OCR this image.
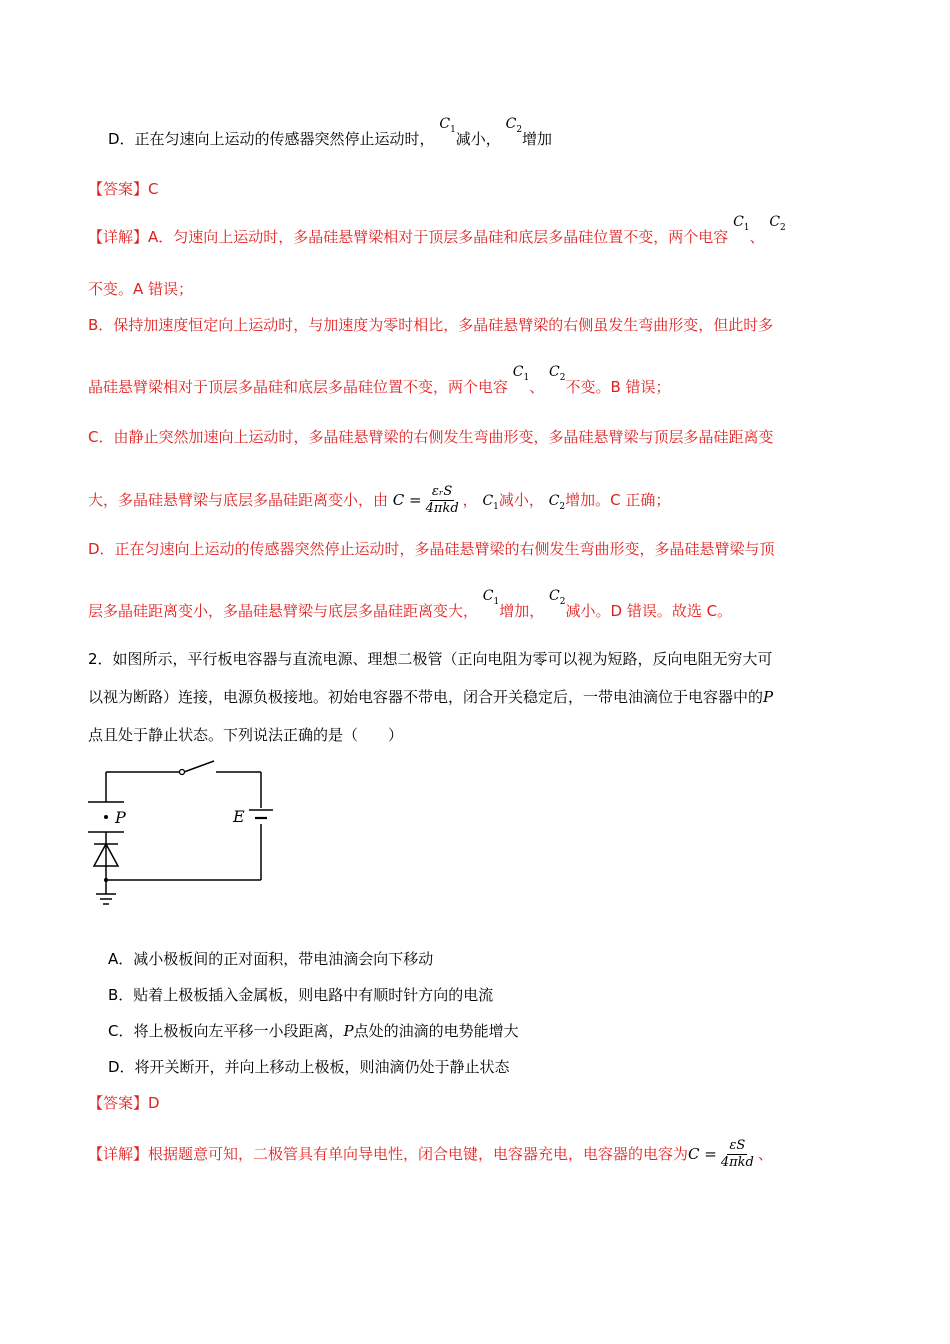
D．正在匀速向上运动的传感器突然停止运动时， $C_1$减小， $C_2$增加
【答案】C
【详解】A．匀速向上运动时，多晶硅悬臂梁相对于顶层多晶硅和底层多晶硅位置不变，两个电容 $C_1$、 $C_2$
不变。A 错误；
B．保持加速度恒定向上运动时，与加速度为零时相比，多晶硅悬臂梁的右侧虽发生弯曲形变，但此时多
晶硅悬臂梁相对于顶层多晶硅和底层多晶硅位置不变，两个电容 $C_1$、 $C_2$不变。B 错误；
C．由静止突然加速向上运动时，多晶硅悬臂梁的右侧发生弯曲形变，多晶硅悬臂梁与顶层多晶硅距离变
大，多晶硅悬臂梁与底层多晶硅距离变小，由 $C = \frac{\text{εᵣS}}{\text{4πkd}}$ ， $C_1$减小， $C_2$增加。C 正确；
D．正在匀速向上运动的传感器突然停止运动时，多晶硅悬臂梁的右侧发生弯曲形变，多晶硅悬臂梁与顶
层多晶硅距离变小，多晶硅悬臂梁与底层多晶硅距离变大， $C_1$增加， $C_2$减小。D 错误。故选 C。
2．如图所示，平行板电容器与直流电源、理想二极管（正向电阻为零可以视为短路，反向电阻无穷大可
以视为断路）连接，电源负极接地。初始电容器不带电，闭合开关稳定后，一带电油滴位于电容器中的P
点且处于静止状态。下列说法正确的是（　　）
P	E
A．减小极板间的正对面积，带电油滴会向下移动
B．贴着上极板插入金属板，则电路中有顺时针方向的电流
C．将上极板向左平移一小段距离，P点处的油滴的电势能增大
D．将开关断开，并向上移动上极板，则油滴仍处于静止状态
【答案】D
【详解】根据题意可知，二极管具有单向导电性，闭合电键，电容器充电，电容器的电容为$C = \frac{\varepsilon S}{\text{4πkd}}$ 、
